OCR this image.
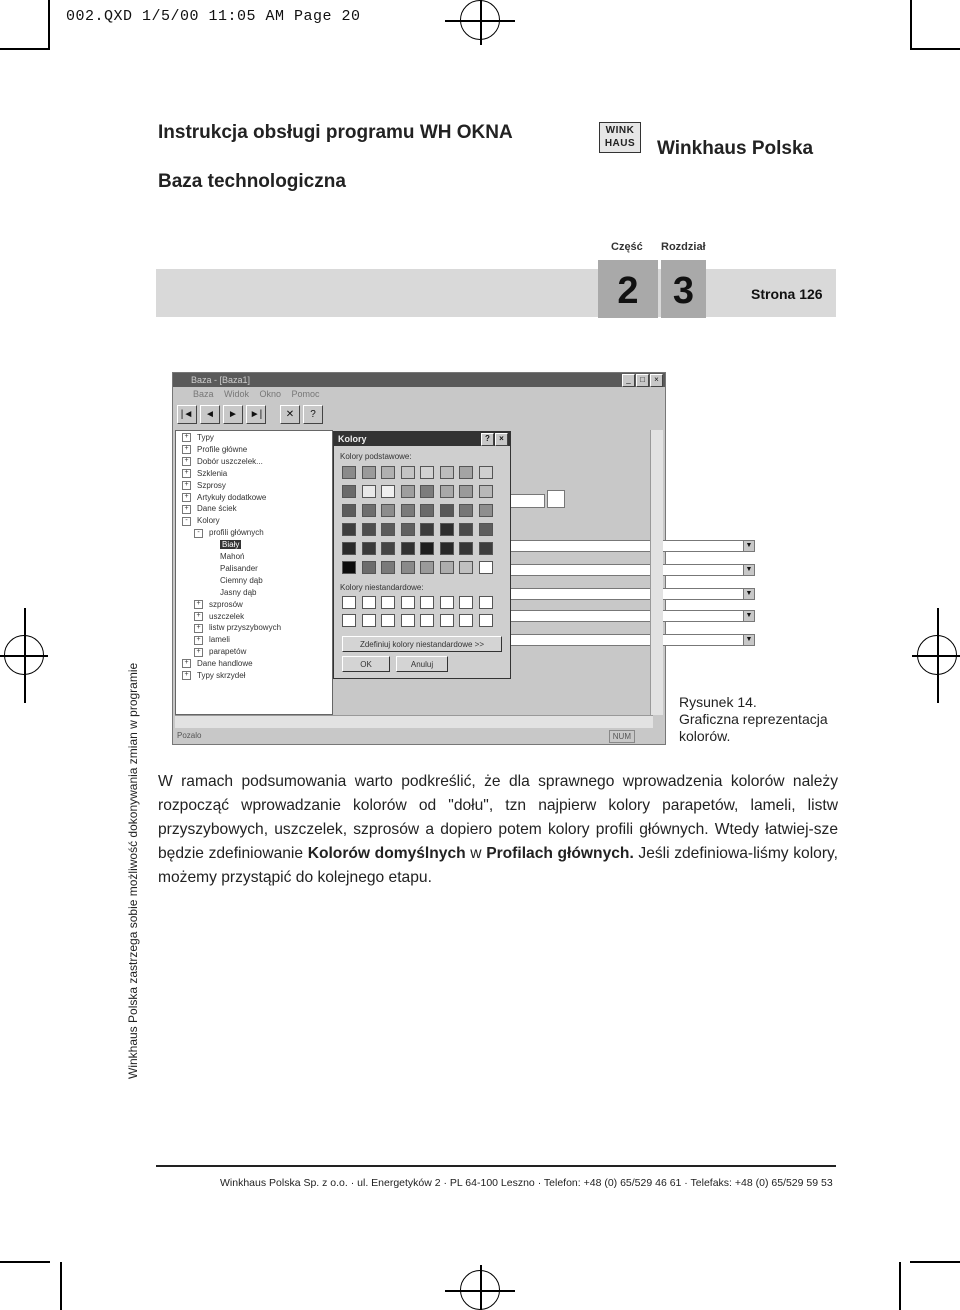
002.QXD 1/5/00 11:05 AM Page 20
Instrukcja obsługi programu WH OKNA
Baza technologiczna
WINK
HAUS Winkhaus Polska
Część Rozdział
2 3	Strona 126
Winkhaus Polska zastrzega sobie możliwość dokonywania zmian w programie
Baza - [Baza1]	_	□	×
Baza Widok Okno Pomoc
|◄	◄	►	►|	✕	?
▼
▼
▼
▼
▼
+ Typy
+ Profile główne
+ Dobór uszczelek...
+ Szklenia
+ Szprosy
+ Artykuły dodatkowe
+ Dane ściek
- Kolory
- profili głównych
Biały
Mahoń
Palisander
Ciemny dąb
Jasny dąb
+ szprosów
+ uszczelek
+ listw przyszybowych
+ lameli
+ parapetów
+ Dane handlowe
+ Typy skrzydeł
Kolory	?	×
Kolory podstawowe:
Kolory niestandardowe:
Zdefiniuj kolory niestandardowe >>
OK	Anuluj
Pozalo	NUM
Rysunek 14.
Graficzna reprezentacja
kolorów.
W ramach podsumowania warto podkreślić, że dla sprawnego wprowadzenia kolorów należy rozpocząć wprowadzanie kolorów od "dołu", tzn najpierw kolory parapetów, lameli, listw przyszybowych, uszczelek, szprosów a dopiero potem kolory profili głównych. Wtedy łatwiej-sze będzie zdefiniowanie Kolorów domyślnych w Profilach głównych. Jeśli zdefiniowa-liśmy kolory, możemy przystąpić do kolejnego etapu.
Winkhaus Polska Sp. z o.o. · ul. Energetyków 2 · PL 64-100 Leszno · Telefon: +48 (0) 65/529 46 61 · Telefaks: +48 (0) 65/529 59 53
